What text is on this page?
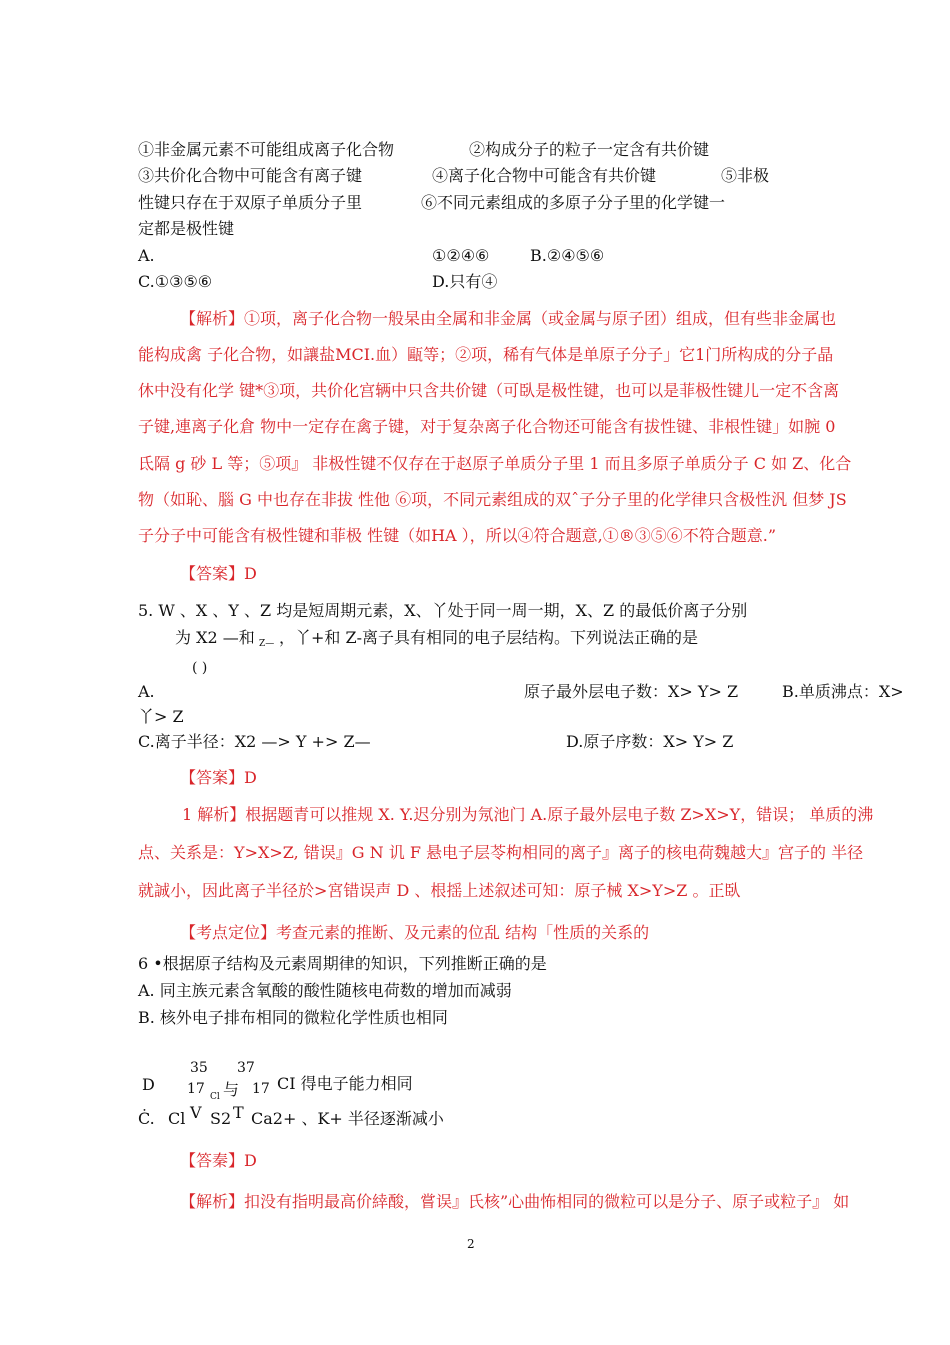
①非金属元素不可能组成离子化合物	②构成分子的粒子一定含有共价键
③共价化合物中可能含有离子键	④离子化合物中可能含有共价键	⑤非极
性键只存在于双原子单质分子里	⑥不同元素组成的多原子分子里的化学键一
定都是极性键
A.	①②④⑥	B.②④⑤⑥
C.①③⑤⑥	D.只有④
【解析】①项，离子化合物一般杲由全属和非金属（或金属与原子团）组成，但有些非金属也
能构成禽 子化合物，如讓盐MCI.血）甌等；②项，稀有气体是单原子分子」它1门所构成的分子晶
休中没有化学 键*③项，共价化宫辆中只含共价键（可臥是极性键，也可以是菲极性键儿一定不含离
子键,連离子化倉 物中一定存在禽子键，对于复杂离子化合物还可能含有拔性键、非根性键」如腕 0
氐隔 g 砂 L 等；⑤项』 非极性键不仅存在于赵原子单质分子里 1 而且多原子单质分子 C 如 Z、化合
物（如恥、腦 G 中也存在非拔 性他 ⑥项，不同元素组成的双ˆ子分子里的化学律只含极性汎 但梦 JS
子分子中可能含有极性键和菲极 性键（如HA ），所以④符合题意,①®③⑤⑥不符合题意.”
【答案】D
5. W 、X 、Y 、Z 均是短周期元素，X、丫处于同一周一期，X、Z 的最低价离子分别
为 X2 —和 Z— ，丫+和 Z-离子具有相同的电子层结构。下列说法正确的是
( )
A.	原子最外层电子数：X> Y> Z	B.单质沸点：X>
丫> Z
C.离子半径：X2 —> Y +> Z—	D.原子序数：X> Y> Z
【答案】D
1 解析】根据题青可以推规 X. Y.迟分别为氖池门 A.原子最外层电子数 Z>X>Y，错误； 单质的沸
点、关系是：Y>X>Z, 错误』G N 讥 F 悬电子层苓枸相同的离子』离子的核电荷魏越大』宫子的 半径
就誠小，因此离子半径於>宮错误声 D 、根揺上述叙述可知：原子械 X>Y>Z 。正臥
【考点定位】考查元素的推断、及元素的位乱 结构「性质的关系的
6 •根据原子结构及元素周期律的知识，下列推断正确的是
A. 同主族元素含氧酸的酸性随核电荷数的增加而减弱
B. 核外电子排布相同的微粒化学性质也相同
35 37
D 17 Cl 与 17 CI 得电子能力相同
Ċ. Cl V S2 T Ca2+ 、K+ 半径逐渐减小
【答秦】D
【解析】扣没有指明最高价緈酸，嘗误』氏核”心曲怖相同的微粒可以是分子、原子或粒子』 如
2
